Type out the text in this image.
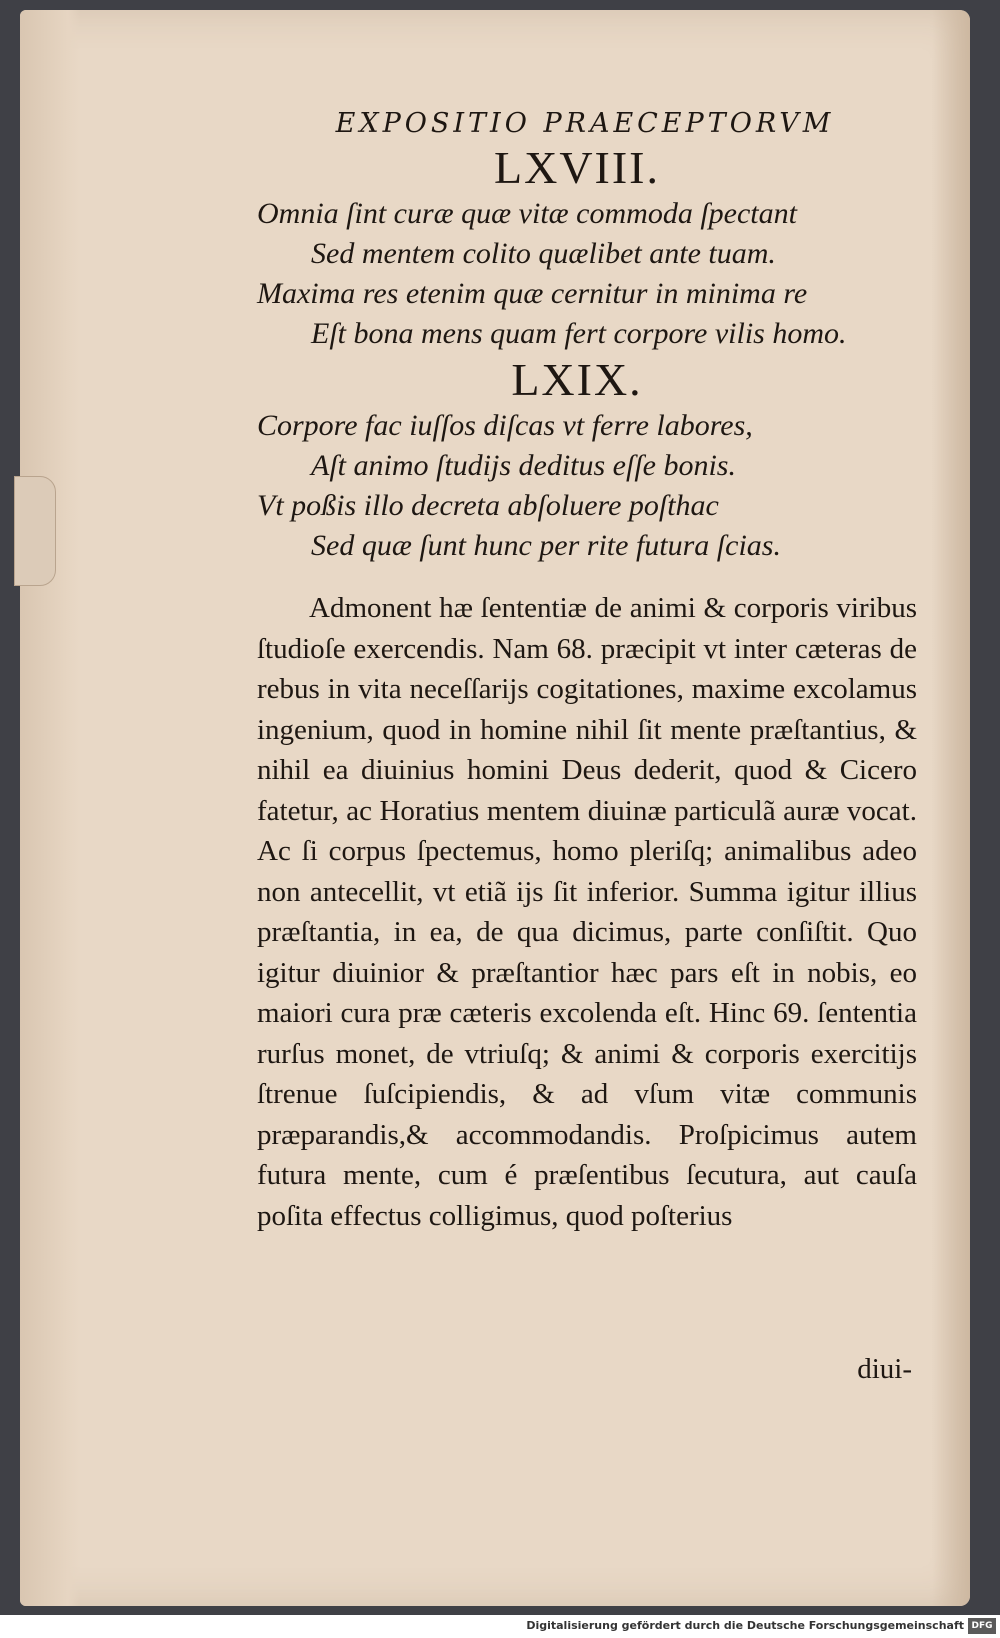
EXPOSITIO PRAECEPTORVM
LXVIII.
Omnia ſint curæ quæ vitæ commoda ſpectant
Sed mentem colito quælibet ante tuam.
Maxima res etenim quæ cernitur in minima re
Eſt bona mens quam fert corpore vilis homo.
LXIX.
Corpore fac iuſſos diſcas vt ferre labores,
Aſt animo ſtudijs deditus eſſe bonis.
Vt poßis illo decreta abſoluere poſthac
Sed quæ ſunt hunc per rite futura ſcias.

Admonent hæ ſententiæ de animi & corporis viribus ſtudioſe exercendis. Nam 68. præcipit vt inter cæteras de rebus in vita neceſſarijs cogitationes, maxime excolamus ingenium, quod in homine nihil ſit mente præſtantius, & nihil ea diuinius homini Deus dederit, quod & Cicero fatetur, ac Horatius mentem diuinæ particulã auræ vocat. Ac ſi corpus ſpectemus, homo pleriſq; animalibus adeo non antecellit, vt etiã ijs ſit inferior. Summa igitur illius præſtantia, in ea, de qua dicimus, parte conſiſtit. Quo igitur diuinior & præſtantior hæc pars eſt in nobis, eo maiori cura præ cæteris excolenda eſt. Hinc 69. ſententia rurſus monet, de vtriuſq; & animi & corporis exercitijs ſtrenue ſuſcipiendis, & ad vſum vitæ communis præparandis,& accommodandis. Proſpicimus autem futura mente, cum é præſentibus ſecutura, aut cauſa poſita effectus colligimus, quod poſterius

diui-
Digitalisierung gefördert durch die Deutsche Forschungsgemeinschaft DFG
